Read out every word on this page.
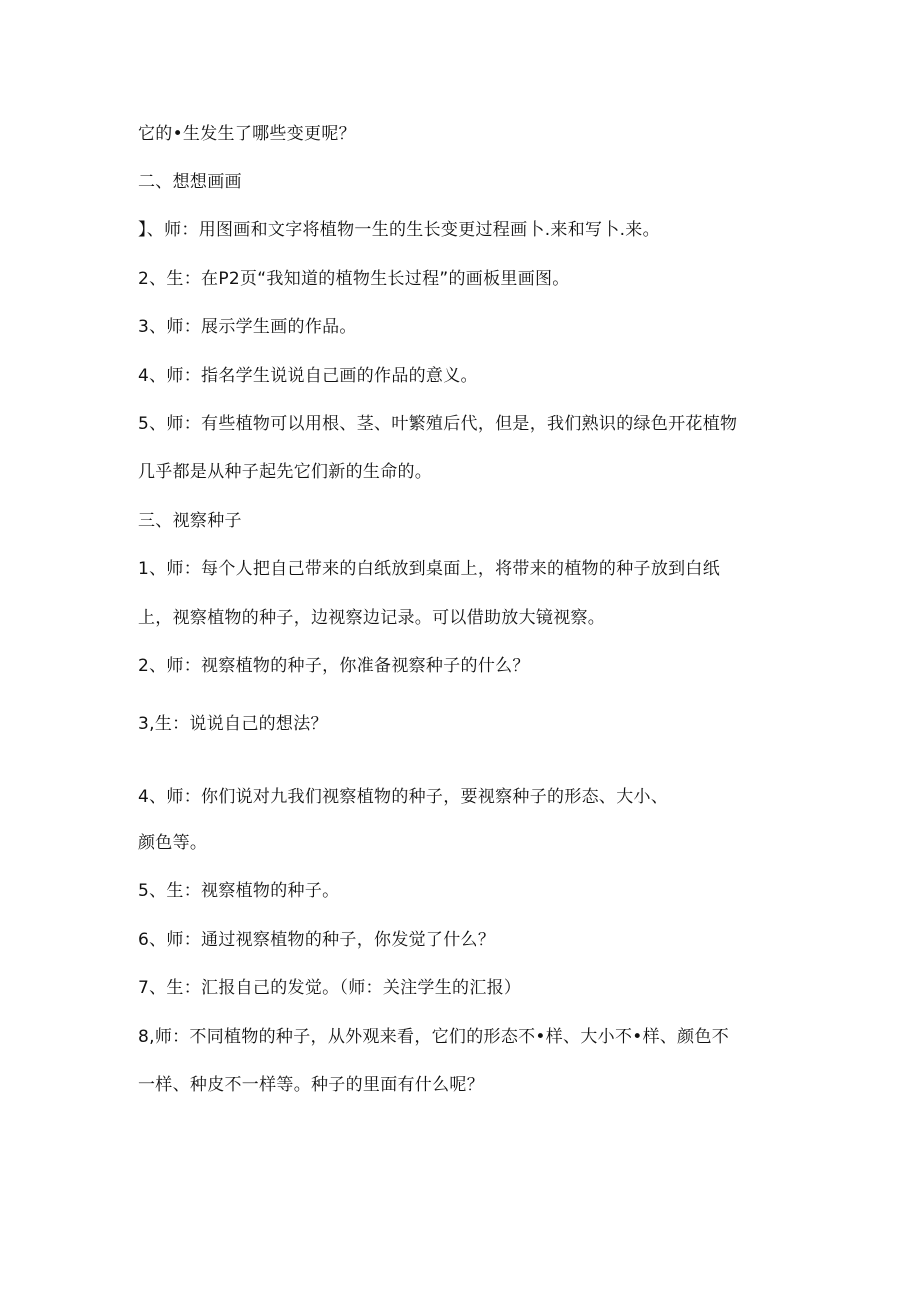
它的•生发生了哪些变更呢？
二、想想画画
】、师：用图画和文字将植物一生的生长变更过程画卜.来和写卜.来。
2、生：在P2页“我知道的植物生长过程”的画板里画图。
3、师：展示学生画的作品。
4、师：指名学生说说自己画的作品的意义。
5、师：有些植物可以用根、茎、叶繁殖后代，但是，我们熟识的绿色开花植物
几乎都是从种子起先它们新的生命的。
三、视察种子
1、师：每个人把自己带来的白纸放到桌面上，将带来的植物的种子放到白纸
上，视察植物的种子，边视察边记录。可以借助放大镜视察。
2、师：视察植物的种子，你准备视察种子的什么？
3,生：说说自己的想法？
4、师：你们说对九我们视察植物的种子，要视察种子的形态、大小、
颜色等。
5、生：视察植物的种子。
6、师：通过视察植物的种子，你发觉了什么？
7、生：汇报自己的发觉。（师：关注学生的汇报）
8,师：不同植物的种子，从外观来看，它们的形态不•样、大小不•样、颜色不
一样、种皮不一样等。种子的里面有什么呢？
